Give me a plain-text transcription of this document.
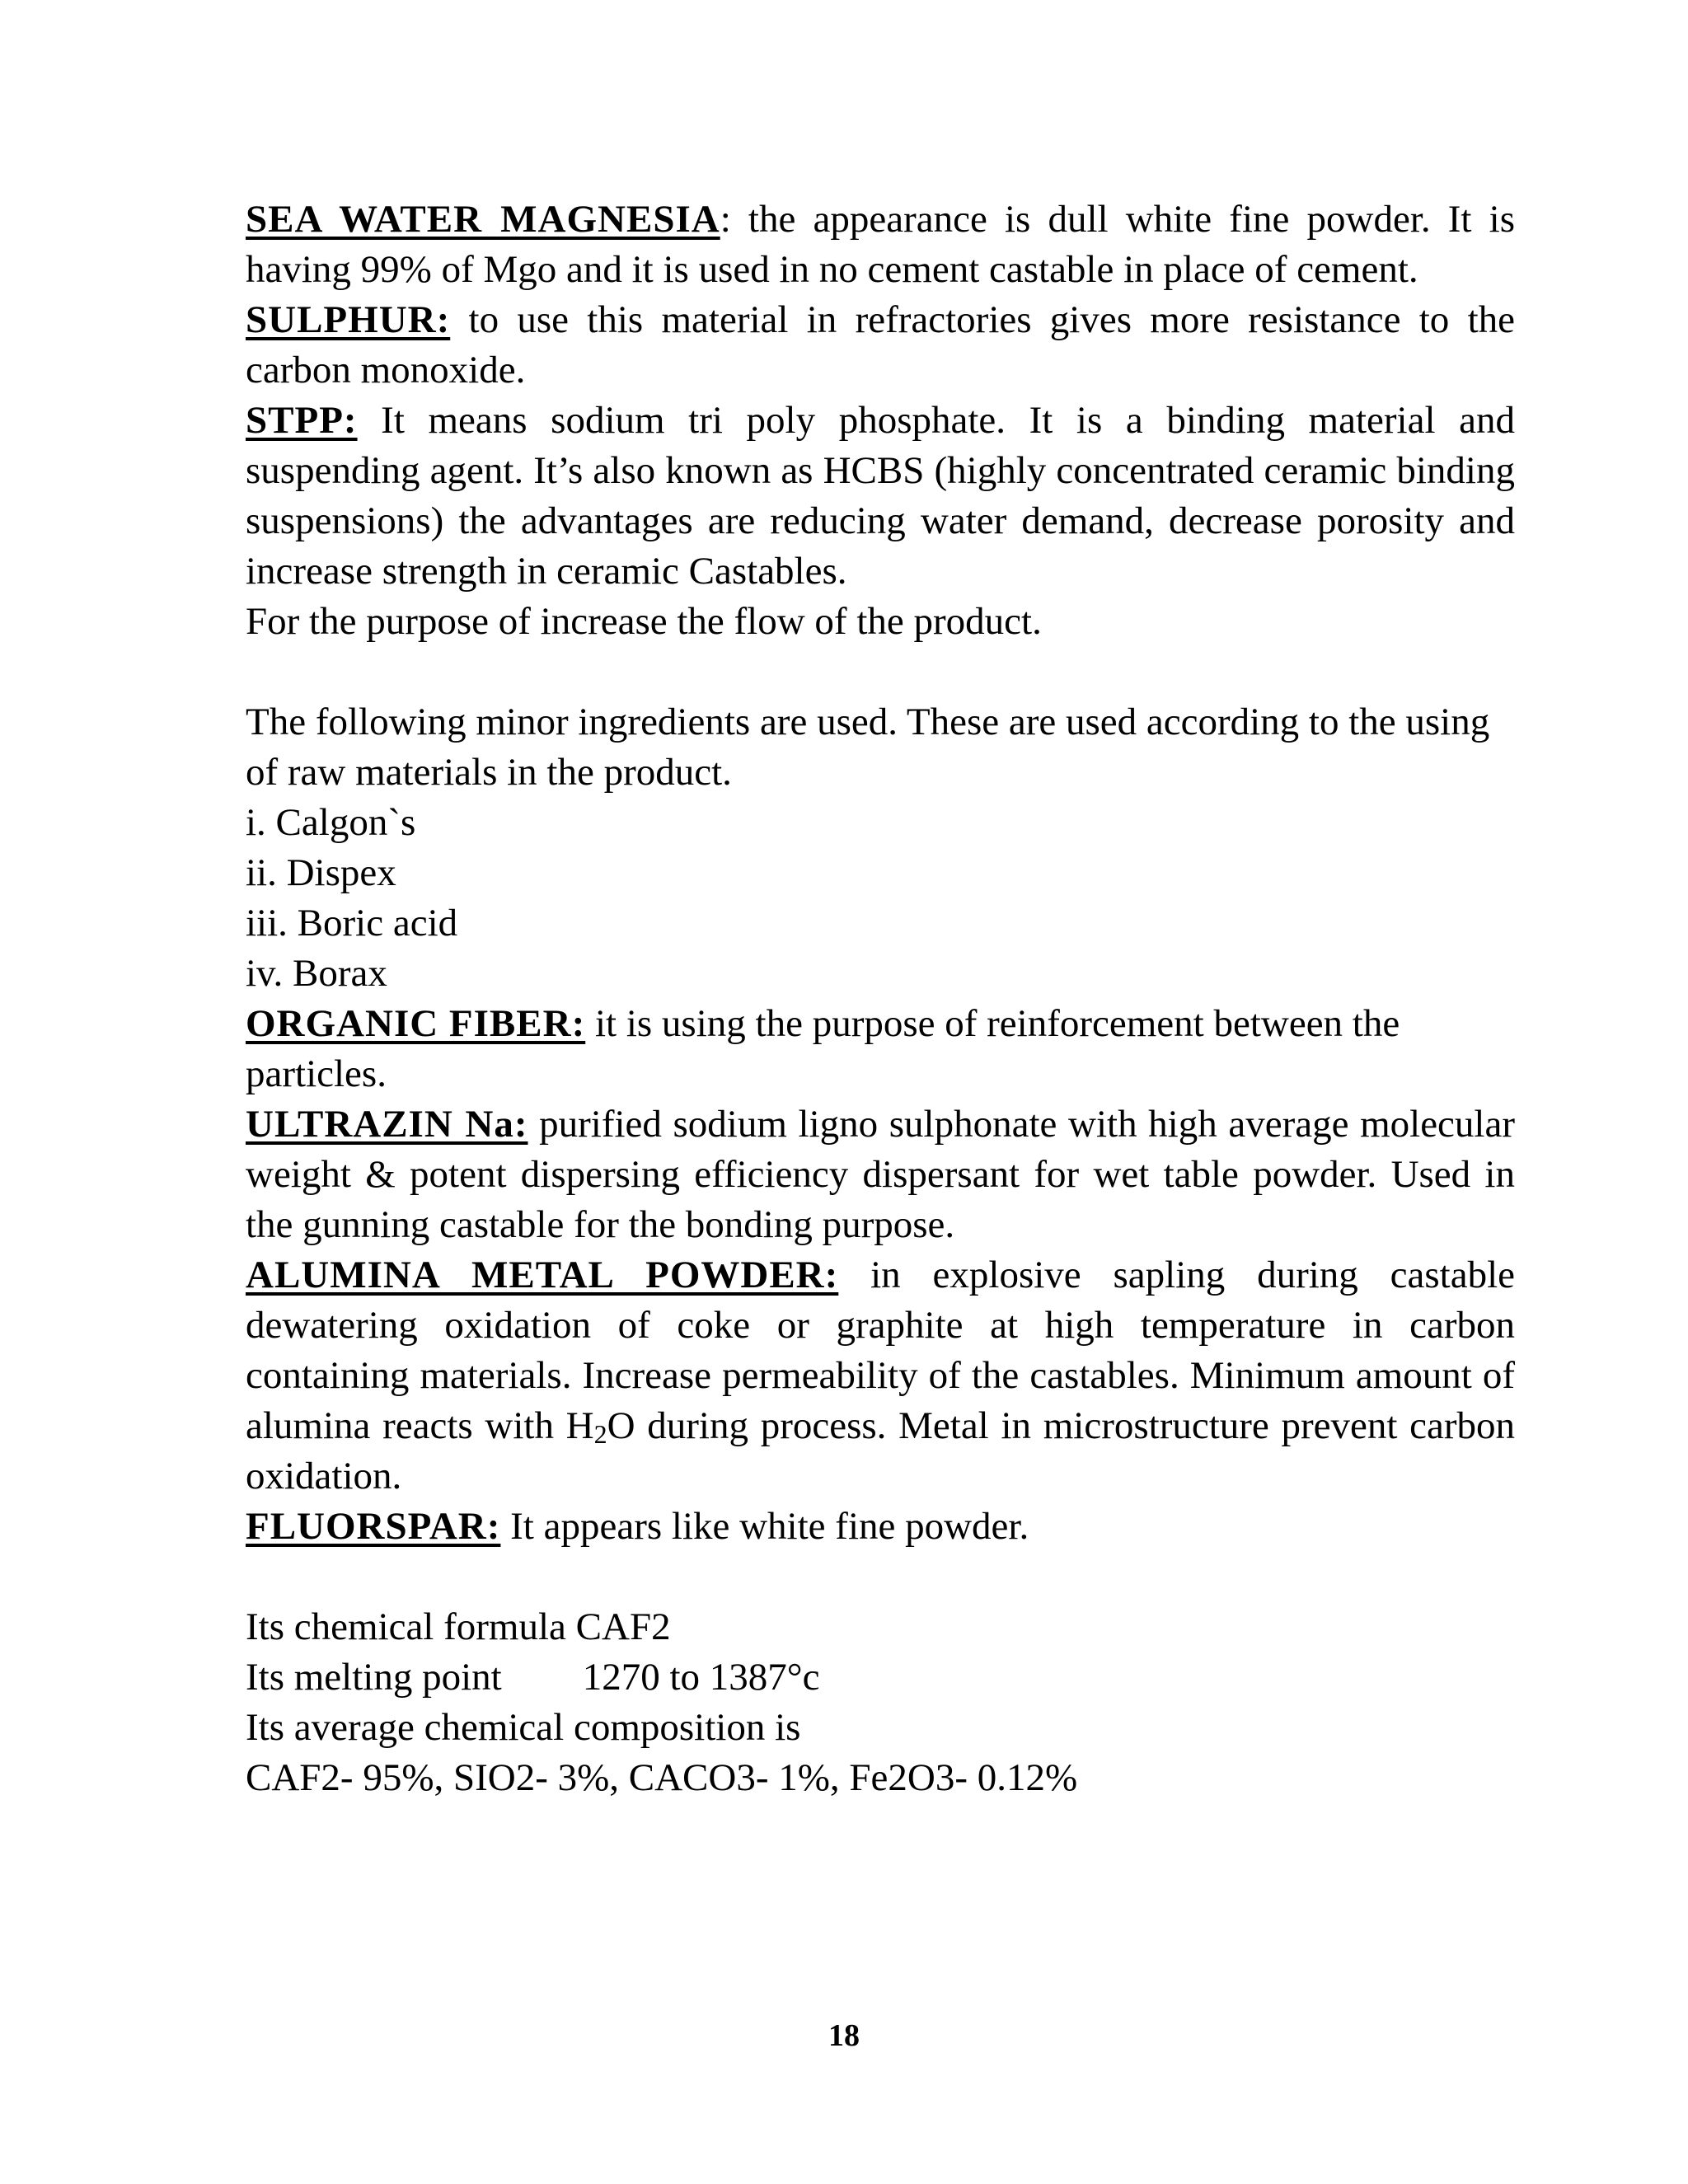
SEA WATER MAGNESIA: the appearance is dull white fine powder. It is having 99% of Mgo and it is used in no cement castable in place of cement.

SULPHUR: to use this material in refractories gives more resistance to the carbon monoxide.

STPP: It means sodium tri poly phosphate. It is a binding material and suspending agent. It’s also known as HCBS (highly concentrated ceramic binding suspensions) the advantages are reducing water demand, decrease porosity and increase strength in ceramic Castables.

For the purpose of increase the flow of the product.

The following minor ingredients are used. These are used according to the using of raw materials in the product.

i. Calgon`s

ii. Dispex

iii. Boric acid

iv. Borax

ORGANIC FIBER: it is using the purpose of reinforcement between the particles.

ULTRAZIN Na: purified sodium ligno sulphonate with high average molecular weight & potent dispersing efficiency dispersant for wet table powder. Used in the gunning castable for the bonding purpose.

ALUMINA METAL POWDER: in explosive sapling during castable dewatering oxidation of coke or graphite at high temperature in carbon containing materials. Increase permeability of the castables. Minimum amount of alumina reacts with $H_2O$ during process. Metal in microstructure prevent carbon oxidation.

FLUORSPAR: It appears like white fine powder.

Its chemical formula CAF2

Its melting point 1270 to 1387°c

Its average chemical composition is

CAF2- 95%, SIO2- 3%, CACO3- 1%, Fe2O3- 0.12%

18
